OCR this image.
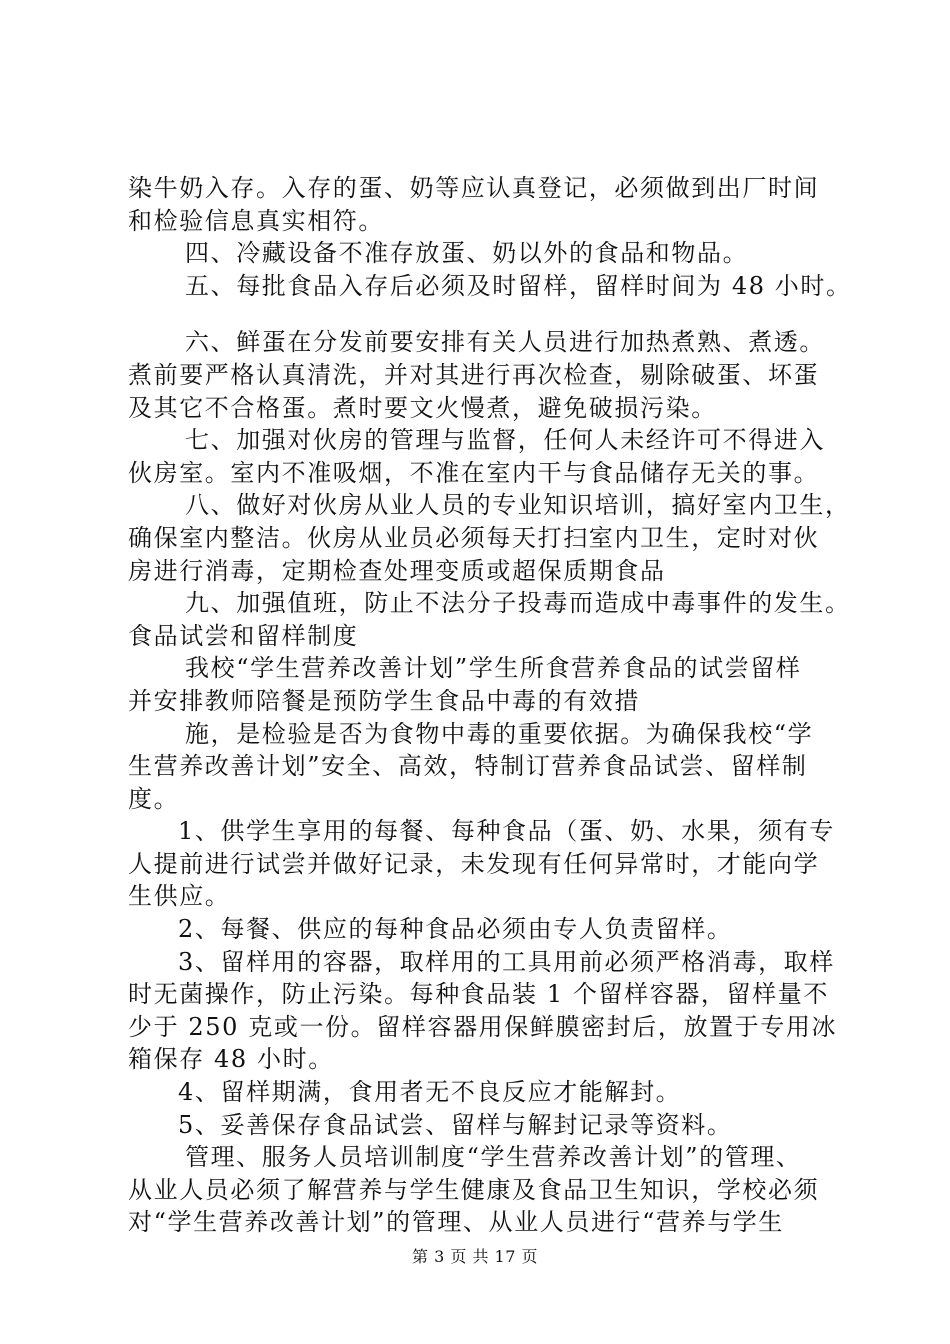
染牛奶入存。入存的蛋、奶等应认真登记，必须做到出厂时间
和检验信息真实相符。
四、冷藏设备不准存放蛋、奶以外的食品和物品。
五、每批食品入存后必须及时留样，留样时间为 48 小时。
六、鲜蛋在分发前要安排有关人员进行加热煮熟、煮透。
煮前要严格认真清洗，并对其进行再次检查，剔除破蛋、坏蛋
及其它不合格蛋。煮时要文火慢煮，避免破损污染。
七、加强对伙房的管理与监督，任何人未经许可不得进入
伙房室。室内不准吸烟，不准在室内干与食品储存无关的事。
八、做好对伙房从业人员的专业知识培训，搞好室内卫生，
确保室内整洁。伙房从业员必须每天打扫室内卫生，定时对伙
房进行消毒，定期检查处理变质或超保质期食品
九、加强值班，防止不法分子投毒而造成中毒事件的发生。
食品试尝和留样制度
我校“学生营养改善计划”学生所食营养食品的试尝留样
并安排教师陪餐是预防学生食品中毒的有效措
施，是检验是否为食物中毒的重要依据。为确保我校“学
生营养改善计划”安全、高效，特制订营养食品试尝、留样制
度。
1、供学生享用的每餐、每种食品（蛋、奶、水果，须有专
人提前进行试尝并做好记录，未发现有任何异常时，才能向学
生供应。
2、每餐、供应的每种食品必须由专人负责留样。
3、留样用的容器，取样用的工具用前必须严格消毒，取样
时无菌操作，防止污染。每种食品装 1 个留样容器，留样量不
少于 250 克或一份。留样容器用保鲜膜密封后，放置于专用冰
箱保存 48 小时。
4、留样期满，食用者无不良反应才能解封。
5、妥善保存食品试尝、留样与解封记录等资料。
管理、服务人员培训制度“学生营养改善计划”的管理、
从业人员必须了解营养与学生健康及食品卫生知识，学校必须
对“学生营养改善计划”的管理、从业人员进行“营养与学生
第 3 页 共 17 页
